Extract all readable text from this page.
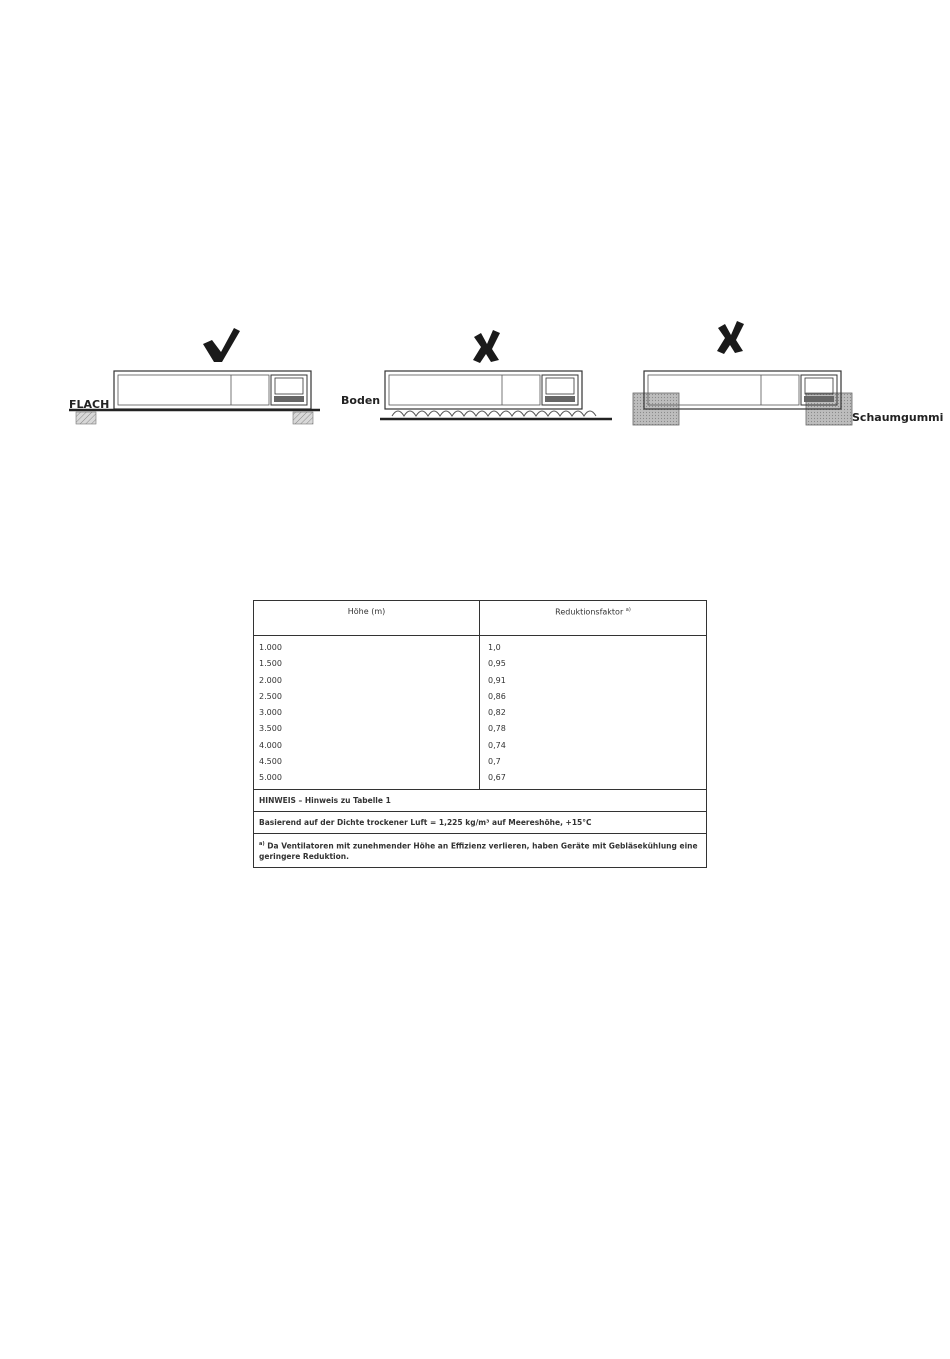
FLACH	Boden
Schaumgummi
Höhe (m)	Reduktionsfaktor $^{a)}$
1.000
1.500
2.000
2.500
3.000
3.500
4.000
4.500
5.000
1,0
0,95
0,91
0,86
0,82
0,78
0,74
0,7
0,67
HINWEIS – Hinweis zu Tabelle 1
Basierend auf der Dichte trockener Luft = 1,225 kg/m³ auf Meereshöhe, +15°C
$^{a)}$ Da Ventilatoren mit zunehmender Höhe an Effizienz verlieren, haben Geräte mit Gebläsekühlung eine geringere Reduktion.
